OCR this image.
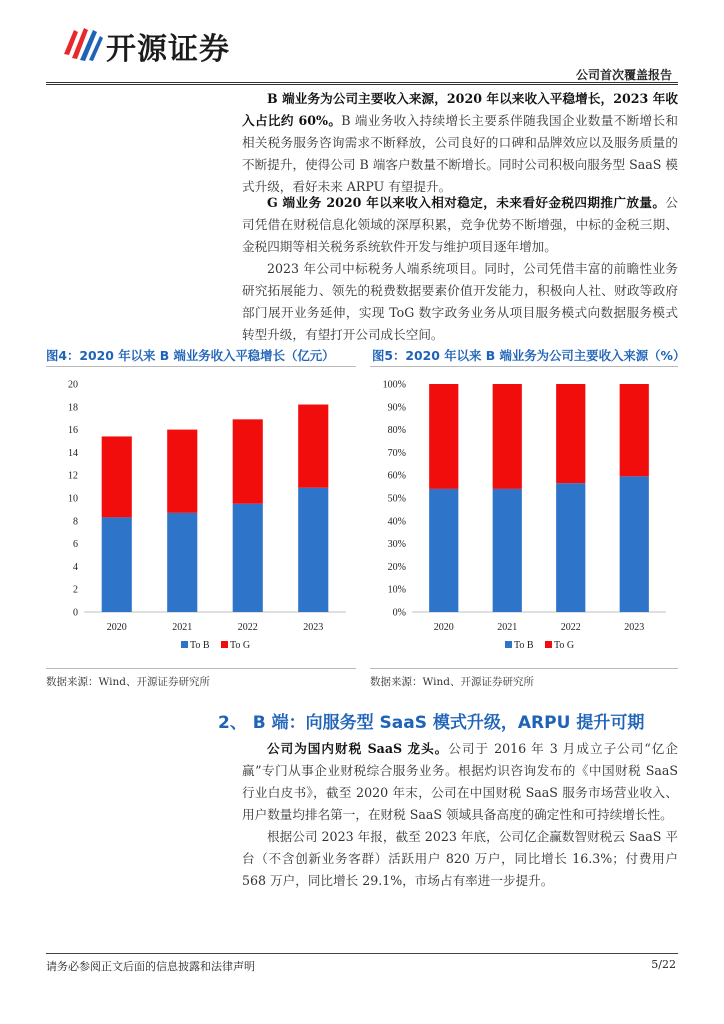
开源证券
公司首次覆盖报告
B 端业务为公司主要收入来源，2020 年以来收入平稳增长，2023 年收入占比约 60%。B 端业务收入持续增长主要系伴随我国企业数量不断增长和相关税务服务咨询需求不断释放，公司良好的口碑和品牌效应以及服务质量的不断提升，使得公司 B 端客户数量不断增长。同时公司积极向服务型 SaaS 模式升级，看好未来 ARPU 有望提升。
G 端业务 2020 年以来收入相对稳定，未来看好金税四期推广放量。公司凭借在财税信息化领域的深厚积累，竞争优势不断增强，中标的金税三期、金税四期等相关税务系统软件开发与维护项目逐年增加。
2023 年公司中标税务人端系统项目。同时，公司凭借丰富的前瞻性业务研究拓展能力、领先的税费数据要素价值开发能力，积极向人社、财政等政府部门展开业务延伸，实现 ToG 数字政务业务从项目服务模式向数据服务模式转型升级，有望打开公司成长空间。
图4：2020 年以来 B 端业务收入平稳增长（亿元）
0
2
4
6
8
10
12
14
16
18
20
2020	2021	2022	2023
To B To G
数据来源：Wind、开源证券研究所
图5：2020 年以来 B 端业务为公司主要收入来源（%）
0%
10%
20%
30%
40%
50%
60%
70%
80%
90%
100%
2020	2021	2022	2023
To B To G
数据来源：Wind、开源证券研究所
2、 B 端：向服务型 SaaS 模式升级，ARPU 提升可期
公司为国内财税 SaaS 龙头。公司于 2016 年 3 月成立子公司“亿企赢”专门从事企业财税综合服务业务。根据灼识咨询发布的《中国财税 SaaS 行业白皮书》，截至 2020 年末，公司在中国财税 SaaS 服务市场营业收入、用户数量均排名第一，在财税 SaaS 领域具备高度的确定性和可持续增长性。
根据公司 2023 年报，截至 2023 年底，公司亿企赢数智财税云 SaaS 平台（不含创新业务客群）活跃用户 820 万户，同比增长 16.3%；付费用户 568 万户，同比增长 29.1%，市场占有率进一步提升。
请务必参阅正文后面的信息披露和法律声明	5/22
